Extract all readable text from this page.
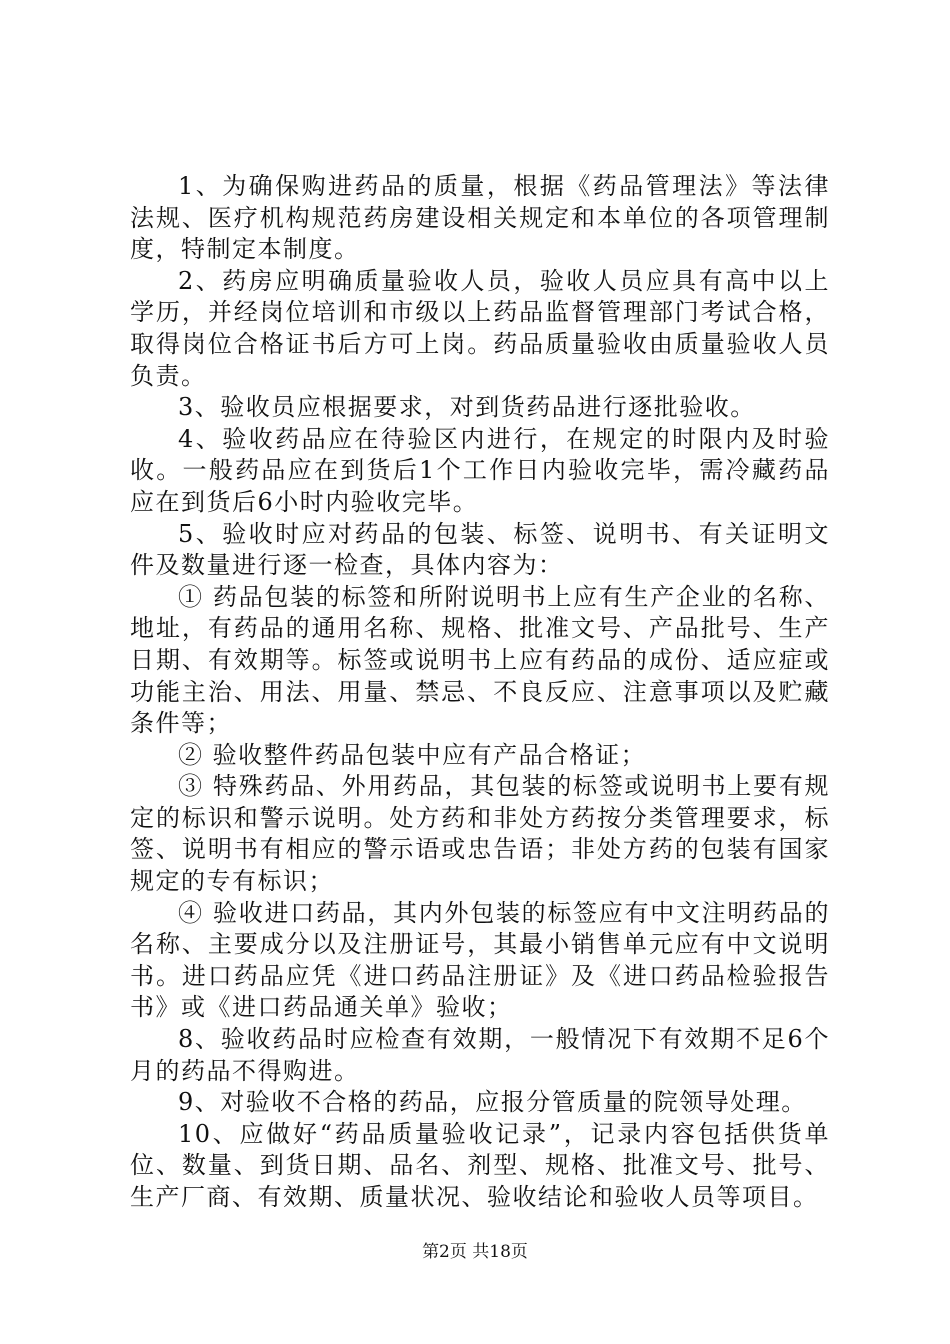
1、为确保购进药品的质量，根据《药品管理法》等法律法规、医疗机构规范药房建设相关规定和本单位的各项管理制度，特制定本制度。

2、药房应明确质量验收人员，验收人员应具有高中以上学历，并经岗位培训和市级以上药品监督管理部门考试合格，取得岗位合格证书后方可上岗。药品质量验收由质量验收人员负责。

3、验收员应根据要求，对到货药品进行逐批验收。

4、验收药品应在待验区内进行，在规定的时限内及时验收。一般药品应在到货后1个工作日内验收完毕，需冷藏药品应在到货后6小时内验收完毕。

5、验收时应对药品的包装、标签、说明书、有关证明文件及数量进行逐一检查，具体内容为：

① 药品包装的标签和所附说明书上应有生产企业的名称、地址，有药品的通用名称、规格、批准文号、产品批号、生产日期、有效期等。标签或说明书上应有药品的成份、适应症或功能主治、用法、用量、禁忌、不良反应、注意事项以及贮藏条件等；

② 验收整件药品包装中应有产品合格证；

③ 特殊药品、外用药品，其包装的标签或说明书上要有规定的标识和警示说明。处方药和非处方药按分类管理要求，标签、说明书有相应的警示语或忠告语；非处方药的包装有国家规定的专有标识；

④ 验收进口药品，其内外包装的标签应有中文注明药品的名称、主要成分以及注册证号，其最小销售单元应有中文说明书。进口药品应凭《进口药品注册证》及《进口药品检验报告书》或《进口药品通关单》验收；

8、验收药品时应检查有效期，一般情况下有效期不足6个月的药品不得购进。

9、对验收不合格的药品，应报分管质量的院领导处理。

10、应做好“药品质量验收记录”，记录内容包括供货单位、数量、到货日期、品名、剂型、规格、批准文号、批号、生产厂商、有效期、质量状况、验收结论和验收人员等项目。

第2页 共18页
